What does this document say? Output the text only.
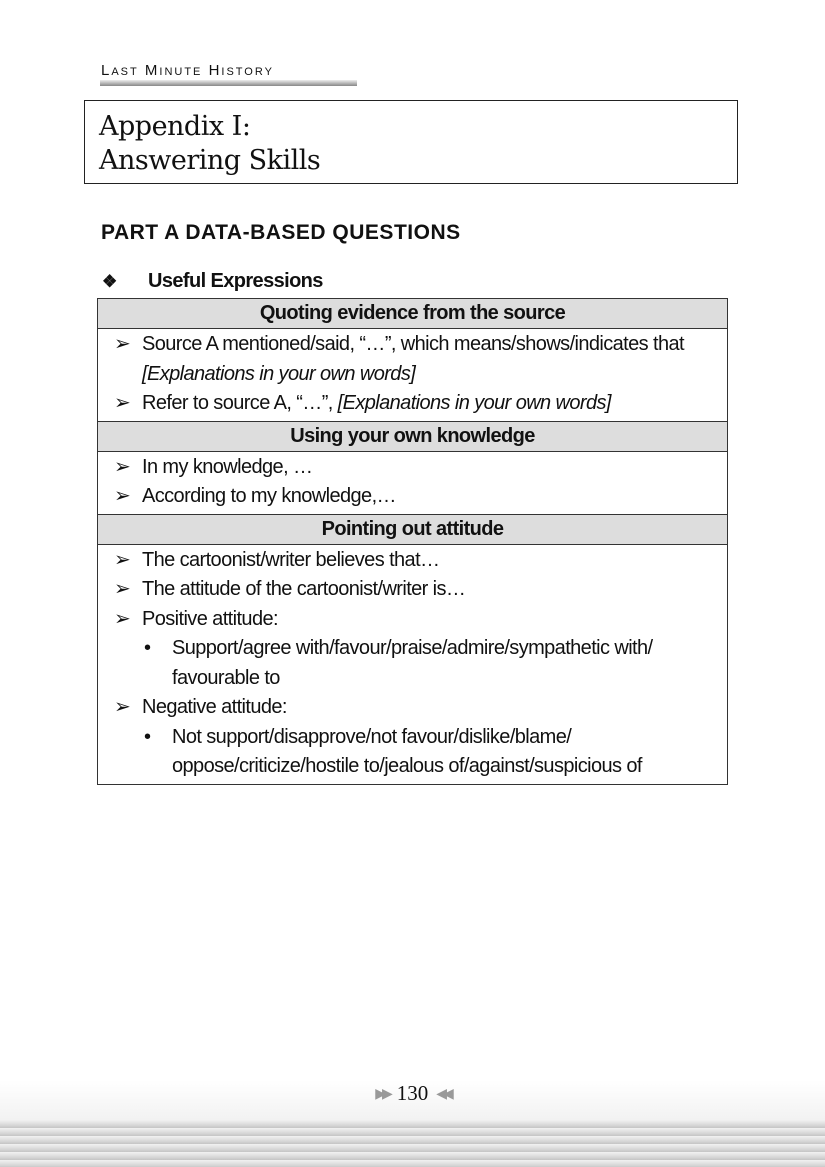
Last Minute History
Appendix I:
Answering Skills
PART A DATA-BASED QUESTIONS
❖ Useful Expressions
Quoting evidence from the source

➢ Source A mentioned/said, “…”, which means/shows/indicates that [Explanations in your own words]
➢ Refer to source A, “…”, [Explanations in your own words]

Using your own knowledge

➢ In my knowledge, …
➢ According to my knowledge,…

Pointing out attitude

➢ The cartoonist/writer believes that…
➢ The attitude of the cartoonist/writer is…
➢ Positive attitude:
• Support/agree with/favour/praise/admire/sympathetic with/ favourable to
➢ Negative attitude:
• Not support/disapprove/not favour/dislike/blame/ oppose/criticize/hostile to/jealous of/against/suspicious of
▶▶ 130 ◀◀
